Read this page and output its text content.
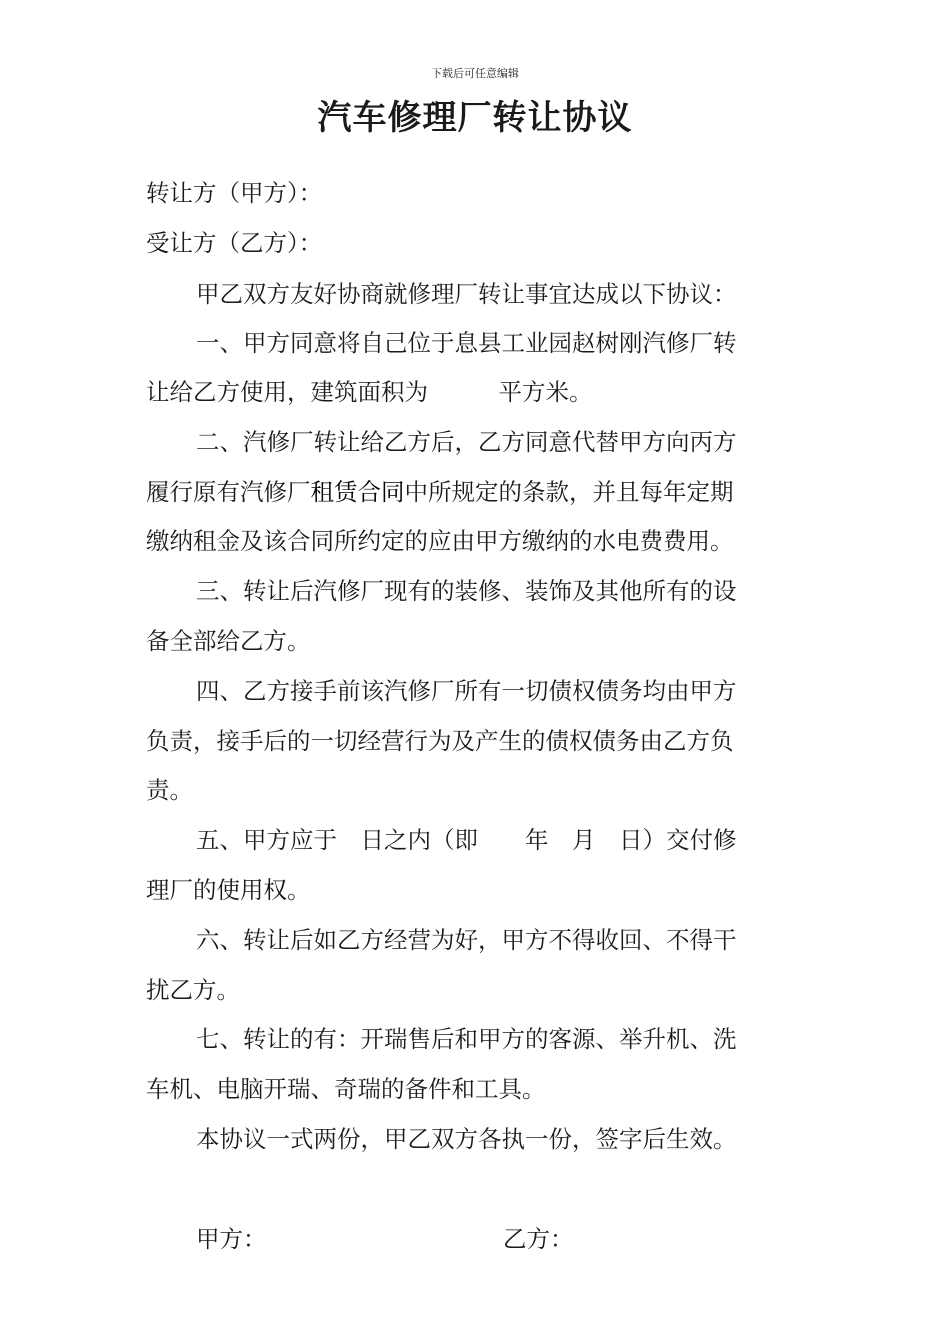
下载后可任意编辑
汽车修理厂转让协议

转让方（甲方）：

受让方（乙方）：

甲乙双方友好协商就修理厂转让事宜达成以下协议：

一、甲方同意将自己位于息县工业园赵树刚汽修厂转

让给乙方使用，建筑面积为　　　平方米。

二、汽修厂转让给乙方后，乙方同意代替甲方向丙方

履行原有汽修厂租赁合同中所规定的条款，并且每年定期

缴纳租金及该合同所约定的应由甲方缴纳的水电费费用。

三、转让后汽修厂现有的装修、装饰及其他所有的设

备全部给乙方。

四、乙方接手前该汽修厂所有一切债权债务均由甲方

负责，接手后的一切经营行为及产生的债权债务由乙方负

责。

五、甲方应于　日之内（即　　年　月　日）交付修

理厂的使用权。

六、转让后如乙方经营为好，甲方不得收回、不得干

扰乙方。

七、转让的有：开瑞售后和甲方的客源、举升机、洗

车机、电脑开瑞、奇瑞的备件和工具。

本协议一式两份，甲乙双方各执一份，签字后生效。

甲方：	乙方：
